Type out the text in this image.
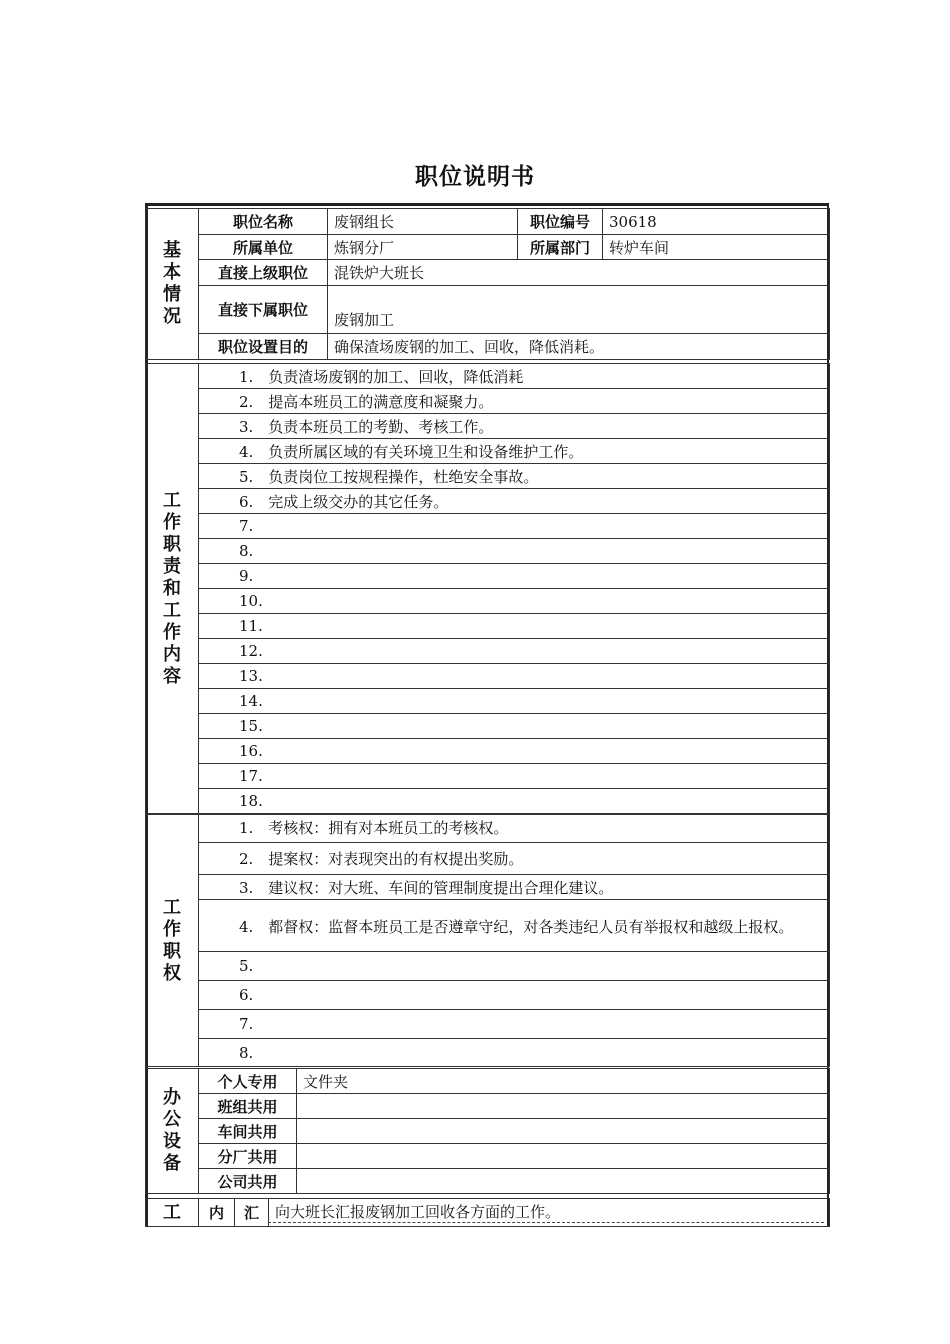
职位说明书
基本情况	职位名称	废钢组长	职位编号	30618
	所属单位	炼钢分厂	所属部门	转炉车间
	直接上级职位	混铁炉大班长		
	直接下属职位	废钢加工		
	职位设置目的	确保渣场废钢的加工、回收，降低消耗。		
工作职责和工作内容	1.　负责渣场废钢的加工、回收，降低消耗
2.　提高本班员工的满意度和凝聚力。
3.　负责本班员工的考勤、考核工作。
4.　负责所属区域的有关环境卫生和设备维护工作。
5.　负责岗位工按规程操作，杜绝安全事故。
6.　完成上级交办的其它任务。
7.
8.
9.
10.
11.
12.
13.
14.
15.
16.
17.
18.
工作职权	1.　考核权：拥有对本班员工的考核权。
2.　提案权：对表现突出的有权提出奖励。
3.　建议权：对大班、车间的管理制度提出合理化建议。
4.　都督权：监督本班员工是否遵章守纪，对各类违纪人员有举报权和越级上报权。
5.
6.
7.
8.
办公设备	个人专用	文件夹
	班组共用	
	车间共用	
	分厂共用	
	公司共用	
工	内	汇	向大班长汇报废钢加工回收各方面的工作。
